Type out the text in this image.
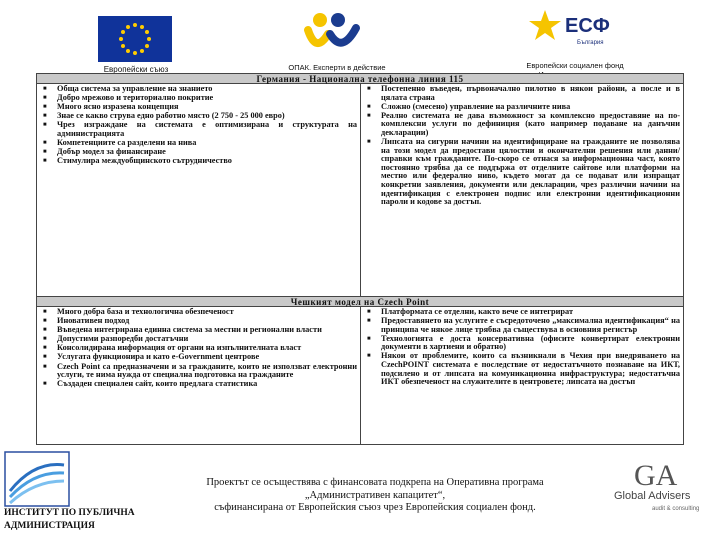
Европейски съюз	ОПАК. Експерти в действие
ЕСФ
България
Европейски социален фонд
Германия - Национална телефонна линия 115
■ Обща система за управление на знанието
■ Добро мрежово и териториално покритие
■ Много ясно изразена концепция
■ Знае се какво струва едно работно място (2 750 - 25 000 евро)
■ Чрез изграждане на системата е оптимизирана и структурата на администрацията
■ Компетенциите са разделени на нива
■ Добър модел за финансиране
■ Стимулира междуобщинското сътрудничество
■ Постепенно въведен, първоначално пилотно в някои райони, а после и в цялата страна
■ Сложно (смесено) управление на различните нива
■ Реално системата не дава възможност за комплексно предоставяне на по-комплексни услуги по дефиниция (като например подаване на данъчни декларации)
■ Липсата на сигурни начини на идентифициране на гражданите не позволява на този модел да предостави цялостни и окончателни решения или данни/справки към гражданите. По-скоро се отнася за информационна част, която постоянно трябва да се поддържа от отделните сайтове или платформи на местно или федерално ниво, където могат да се подават или изпращат конкретни заявления, документи или декларации, чрез различни начини на идентификация с електронен подпис или електронни идентификационни пароли и кодове за достъп.
Чешкият модел на Czech Point
■ Много добра база и технологична обезпеченост
■ Иновативен подход
■ Въведена интегрирана единна система за местни и регионални власти
■ Допустими разпоредби достатъчни
■ Консолидирана информация от органи на изпълнителната власт
■ Услугата функционира и като e-Government центрове
■ Czech Point са предназначени и за гражданите, които не използват електронни услуги, те нима нужда от специална подготовка на гражданите
■ Създаден специален сайт, които предлага статистика
■ Платформата се отделни, както вече се интегрират
■ Предоставянето на услугите е съсредоточено „максимална идентификация“ на принципа че някое лице трябва да съществува в основния регистър
■ Технологията е доста консервативна (офисите конвертират електронни документи в хартиени и обратно)
■ Някои от проблемите, които са възникнали в Чехия при внедряването на CzechPOINT системата е последствие от недостатъчното познаване на ИКТ, подсилено и от липсата на комуникационна инфраструктура; недостатъчна ИКТ обезпеченост на служителите в центровете; липсата на достъп
ИНСТИТУТ ПО ПУБЛИЧНА
АДМИНИСТРАЦИЯ
Проектът се осъществява с финансовата подкрепа на Оперативна програма
„Административен капацитет“,
съфинансирана от Европейския съюз чрез Европейския социален фонд.
GA
Global Advisers
audit & consulting
